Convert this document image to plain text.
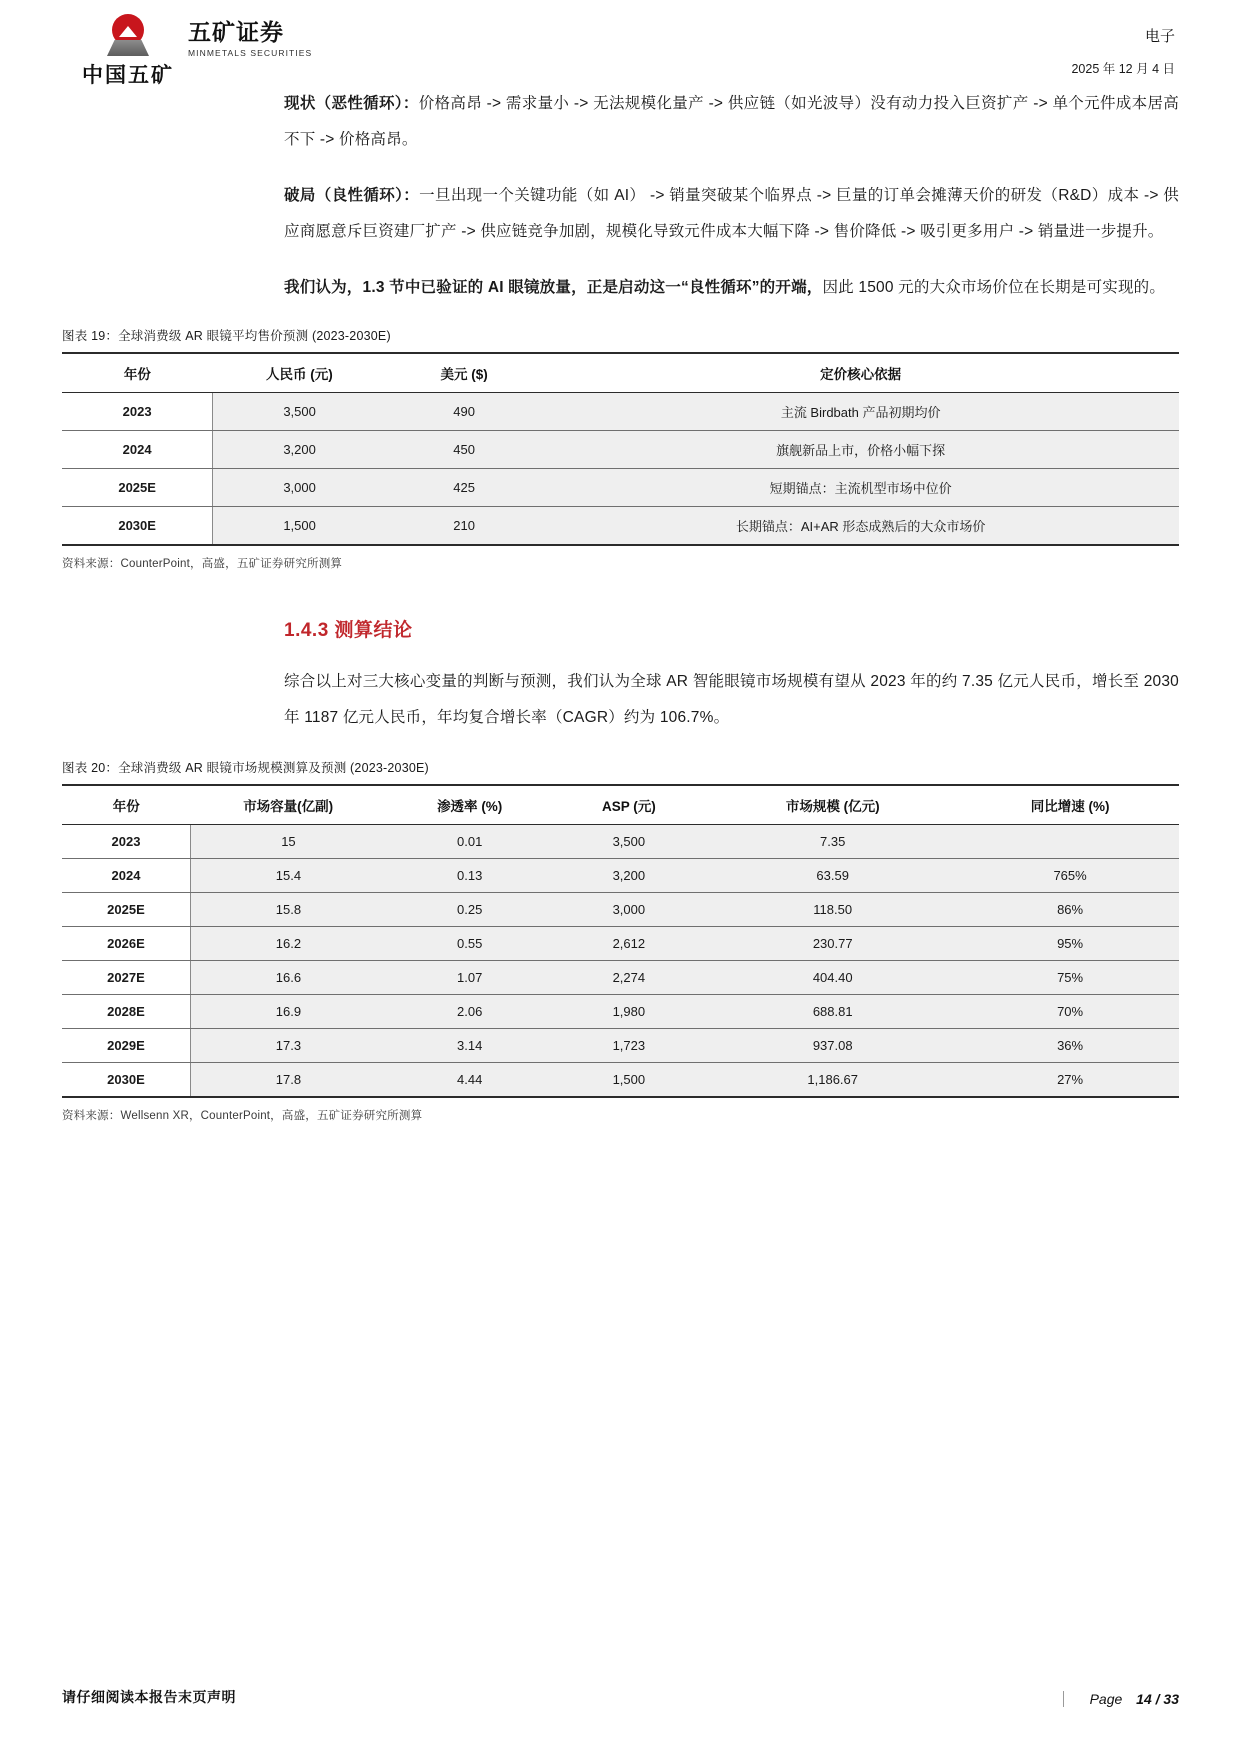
中国五矿
五矿证券
MINMETALS SECURITIES
电子
2025 年 12 月 4 日

现状（恶性循环）：价格高昂 -> 需求量小 -> 无法规模化量产 -> 供应链（如光波导）没有动力投入巨资扩产 -> 单个元件成本居高不下 -> 价格高昂。

破局（良性循环）：一旦出现一个关键功能（如 AI） -> 销量突破某个临界点 -> 巨量的订单会摊薄天价的研发（R&D）成本 -> 供应商愿意斥巨资建厂扩产 -> 供应链竞争加剧，规模化导致元件成本大幅下降 -> 售价降低 -> 吸引更多用户 -> 销量进一步提升。

我们认为，1.3 节中已验证的 AI 眼镜放量，正是启动这一“良性循环”的开端，因此 1500 元的大众市场价位在长期是可实现的。

图表 19：全球消费级 AR 眼镜平均售价预测 (2023-2030E)
年份	人民币 (元)	美元 ($)	定价核心依据
2023	3,500	490	主流 Birdbath 产品初期均价
2024	3,200	450	旗舰新品上市，价格小幅下探
2025E	3,000	425	短期锚点：主流机型市场中位价
2030E	1,500	210	长期锚点：AI+AR 形态成熟后的大众市场价
资料来源：CounterPoint，高盛，五矿证券研究所测算
1.4.3 测算结论

综合以上对三大核心变量的判断与预测，我们认为全球 AR 智能眼镜市场规模有望从 2023 年的约 7.35 亿元人民币，增长至 2030 年 1187 亿元人民币，年均复合增长率（CAGR）约为 106.7%。

图表 20：全球消费级 AR 眼镜市场规模测算及预测 (2023-2030E)
年份	市场容量(亿副)	渗透率 (%)	ASP (元)	市场规模 (亿元)	同比增速 (%)
2023	15	0.01	3,500	7.35	
2024	15.4	0.13	3,200	63.59	765%
2025E	15.8	0.25	3,000	118.50	86%
2026E	16.2	0.55	2,612	230.77	95%
2027E	16.6	1.07	2,274	404.40	75%
2028E	16.9	2.06	1,980	688.81	70%
2029E	17.3	3.14	1,723	937.08	36%
2030E	17.8	4.44	1,500	1,186.67	27%
资料来源：Wellsenn XR，CounterPoint，高盛，五矿证券研究所测算
请仔细阅读本报告末页声明	Page 14 / 33
